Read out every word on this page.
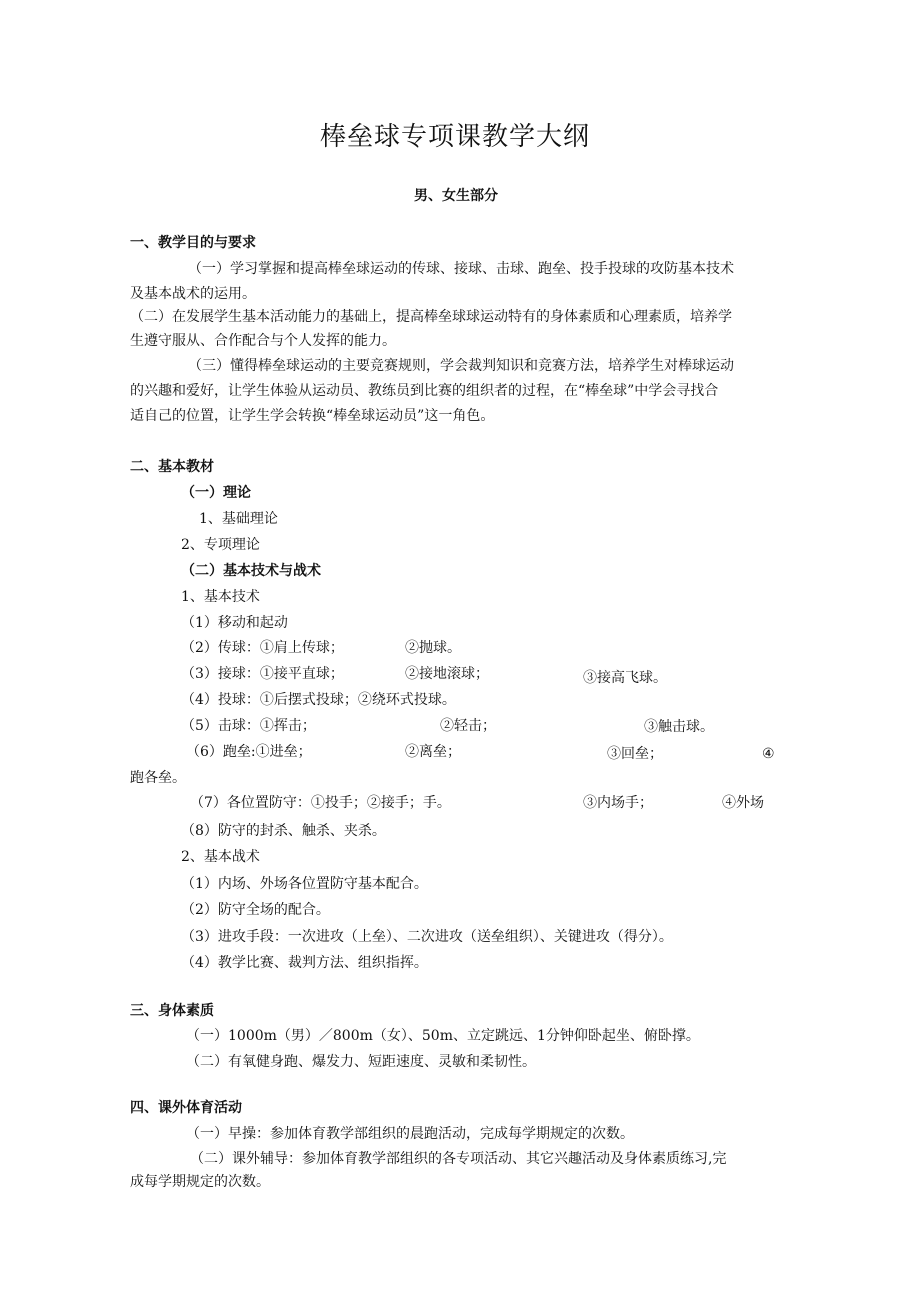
棒垒球专项课教学大纲
男、女生部分
一、教学目的与要求
（一）学习掌握和提高棒垒球运动的传球、接球、击球、跑垒、投手投球的攻防基本技术
及基本战术的运用。
（二）在发展学生基本活动能力的基础上，提高棒垒球球运动特有的身体素质和心理素质，培养学
生遵守服从、合作配合与个人发挥的能力。
（三）懂得棒垒球运动的主要竞赛规则，学会裁判知识和竞赛方法，培养学生对棒球运动
的兴趣和爱好，让学生体验从运动员、教练员到比赛的组织者的过程，在“棒垒球”中学会寻找合
适自己的位置，让学生学会转换“棒垒球运动员”这一角色。
二、基本教材
（一）理论
1、基础理论
2、专项理论
（二）基本技术与战术
1、基本技术
（1）移动和起动
（2）传球：①肩上传球；	②抛球。
（3）接球：①接平直球；	②接地滚球；	③接高飞球。
（4）投球：①后摆式投球；②绕环式投球。
（5）击球：①挥击；	②轻击；	③触击球。
（6）跑垒:①进垒；	②离垒；	③回垒；	④
跑各垒。
（7）各位置防守：①投手；②接手；手。	③内场手；	④外场
（8）防守的封杀、触杀、夹杀。
2、基本战术
（1）内场、外场各位置防守基本配合。
（2）防守全场的配合。
（3）进攻手段：一次进攻（上垒）、二次进攻（送垒组织）、关键进攻（得分）。
（4）教学比赛、裁判方法、组织指挥。
三、身体素质
（一）1000m（男）／800m（女）、50m、立定跳远、1分钟仰卧起坐、俯卧撑。
（二）有氧健身跑、爆发力、短距速度、灵敏和柔韧性。
四、课外体育活动
（一）早操：参加体育教学部组织的晨跑活动，完成每学期规定的次数。
（二）课外辅导：参加体育教学部组织的各专项活动、其它兴趣活动及身体素质练习,完
成每学期规定的次数。
